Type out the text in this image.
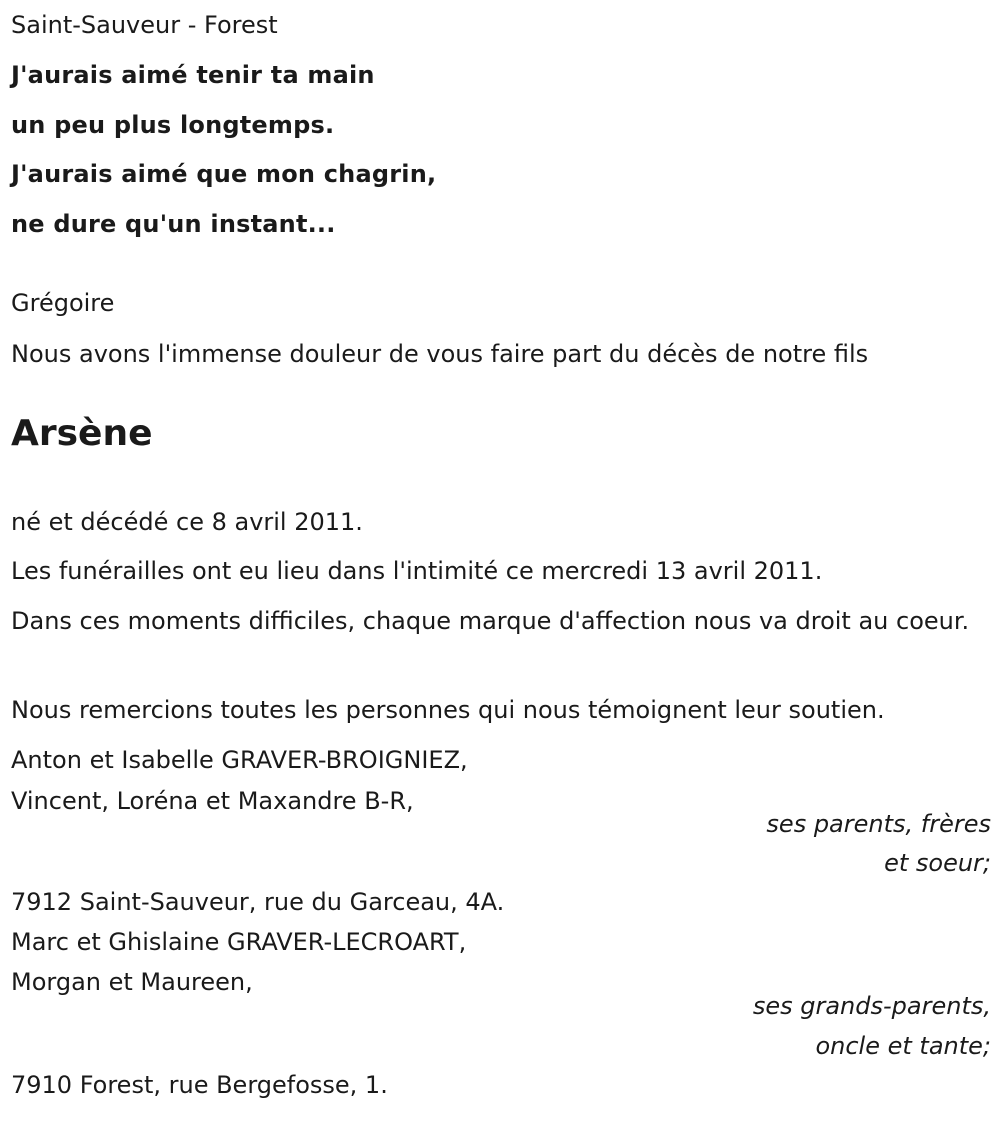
Saint-Sauveur - Forest
J'aurais aimé tenir ta main
un peu plus longtemps.
J'aurais aimé que mon chagrin,
ne dure qu'un instant...
Grégoire
Nous avons l'immense douleur de vous faire part du décès de notre fils
Arsène
né et décédé ce 8 avril 2011.
Les funérailles ont eu lieu dans l'intimité ce mercredi 13 avril 2011.
Dans ces moments difficiles, chaque marque d'affection nous va droit au coeur.
Nous remercions toutes les personnes qui nous témoignent leur soutien.
Anton et Isabelle GRAVER-BROIGNIEZ,
Vincent, Loréna et Maxandre B-R,
ses parents, frères
et soeur;
7912 Saint-Sauveur, rue du Garceau, 4A.
Marc et Ghislaine GRAVER-LECROART,
Morgan et Maureen,
ses grands-parents,
oncle et tante;
7910 Forest, rue Bergefosse, 1.
